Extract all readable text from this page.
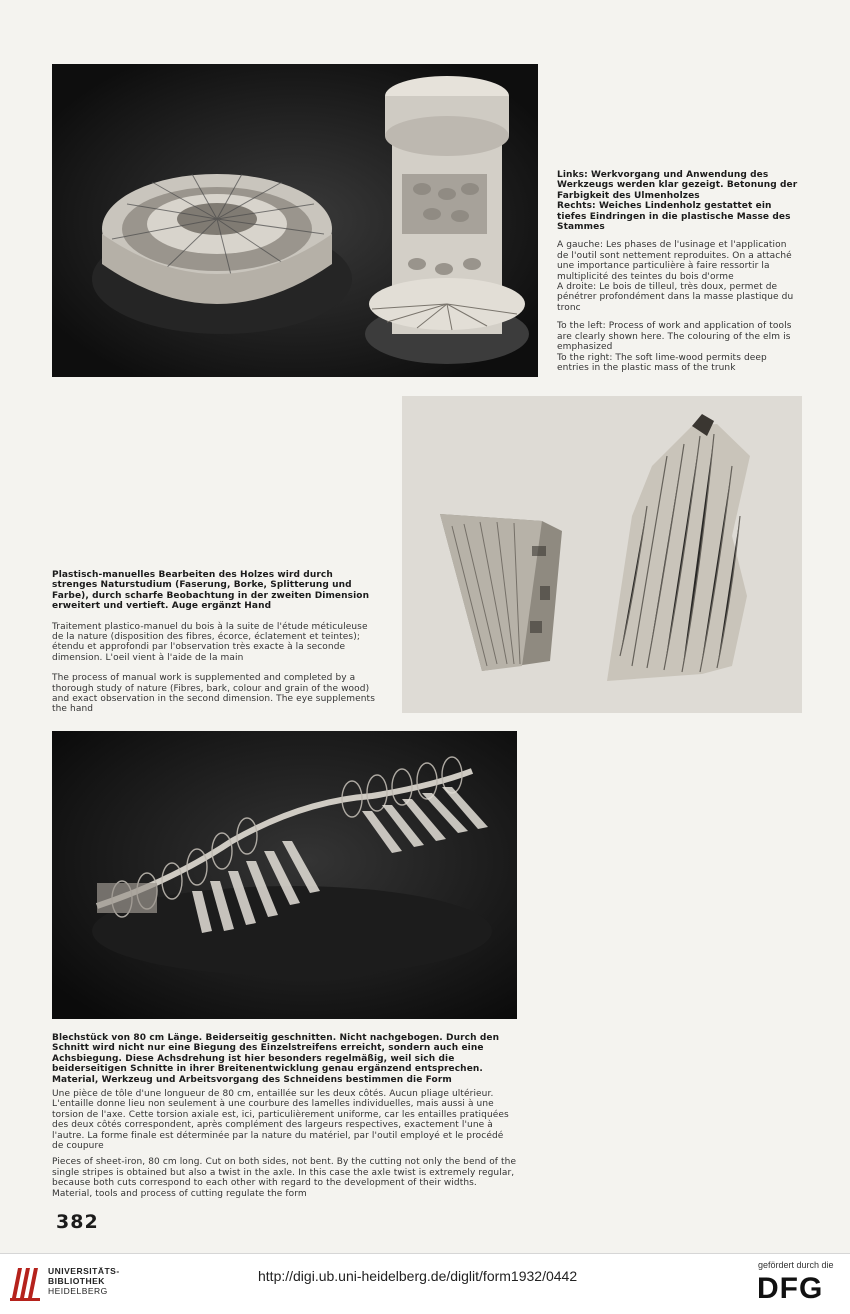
Links: Werkvorgang und Anwendung des Werkzeugs werden klar gezeigt. Betonung der Farbigkeit des Ulmenholzes
Rechts: Weiches Lindenholz gestattet ein tiefes Eindringen in die plastische Masse des Stammes

A gauche: Les phases de l'usinage et l'application de l'outil sont nettement reproduites. On a attaché une importance particulière à faire ressortir la multiplicité des teintes du bois d'orme
A droite: Le bois de tilleul, très doux, permet de pénétrer profondément dans la masse plastique du tronc

To the left: Process of work and application of tools are clearly shown here. The colouring of the elm is emphasized
To the right: The soft lime-wood permits deep entries in the plastic mass of the trunk

Plastisch-manuelles Bearbeiten des Holzes wird durch strenges Naturstudium (Faserung, Borke, Splitterung und Farbe), durch scharfe Beobachtung in der zweiten Dimension erweitert und vertieft. Auge ergänzt Hand

Traitement plastico-manuel du bois à la suite de l'étude méticuleuse de la nature (disposition des fibres, écorce, éclatement et teintes); étendu et approfondi par l'observation très exacte à la seconde dimension. L'oeil vient à l'aide de la main

The process of manual work is supplemented and completed by a thorough study of nature (Fibres, bark, colour and grain of the wood) and exact observation in the second dimension. The eye supplements the hand

Blechstück von 80 cm Länge. Beiderseitig geschnitten. Nicht nachgebogen. Durch den Schnitt wird nicht nur eine Biegung des Einzelstreifens erreicht, sondern auch eine Achsbiegung. Diese Achsdrehung ist hier besonders regelmäßig, weil sich die beiderseitigen Schnitte in ihrer Breitenentwicklung genau ergänzend entsprechen. Material, Werkzeug und Arbeitsvorgang des Schneidens bestimmen die Form

Une pièce de tôle d'une longueur de 80 cm, entaillée sur les deux côtés. Aucun pliage ultérieur. L'entaille donne lieu non seulement à une courbure des lamelles individuelles, mais aussi à une torsion de l'axe. Cette torsion axiale est, ici, particulièrement uniforme, car les entailles pratiquées des deux côtés correspondent, après complément des largeurs respectives, exactement l'une à l'autre. La forme finale est déterminée par la nature du matériel, par l'outil employé et le procédé de coupure

Pieces of sheet-iron, 80 cm long. Cut on both sides, not bent. By the cutting not only the bend of the single stripes is obtained but also a twist in the axle. In this case the axle twist is extremely regular, because both cuts correspond to each other with regard to the development of their widths. Material, tools and process of cutting regulate the form

382
UNIVERSITÄTS-
BIBLIOTHEK
HEIDELBERG
http://digi.ub.uni-heidelberg.de/diglit/form1932/0442
gefördert durch die
DFG
